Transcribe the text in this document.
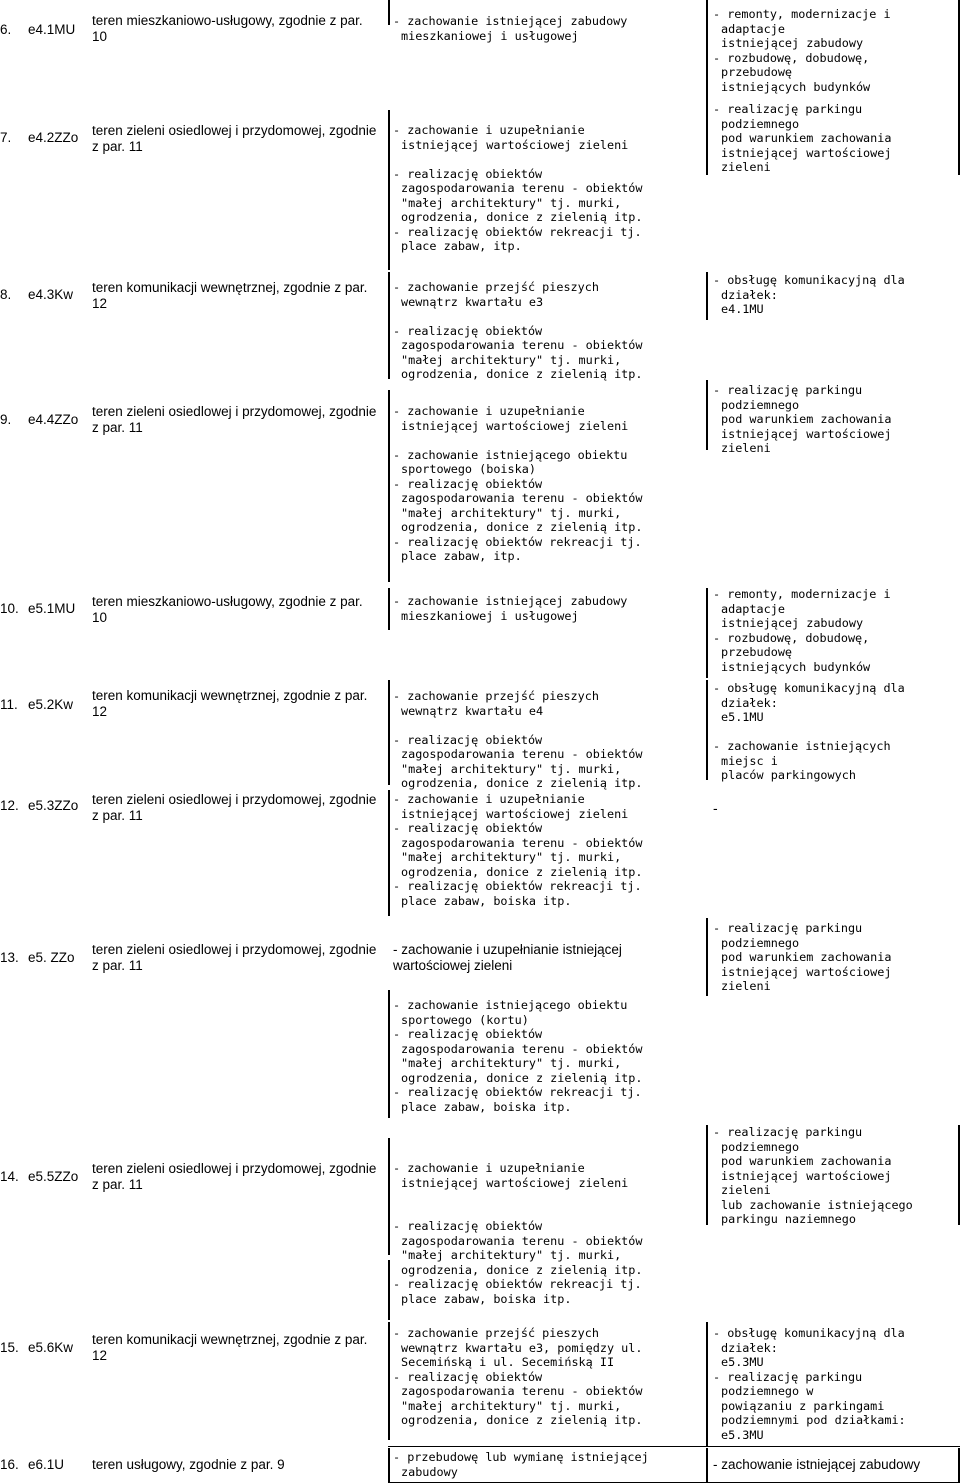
6. e4.1MU
teren mieszkaniowo-usługowy, zgodnie z par. 10
- zachowanie istniejącej zabudowy
mieszkaniowej i usługowej
- remonty, modernizacje i
adaptacje
istniejącej zabudowy
- rozbudowę, dobudowę,
przebudowę
istniejących budynków
7. e4.2ZZo teren zieleni osiedlowej i przydomowej, zgodnie z par. 11
- zachowanie i uzupełnianie
istniejącej wartościowej zieleni

- realizację obiektów
zagospodarowania terenu - obiektów
"małej architektury" tj. murki,
ogrodzenia, donice z zielenią itp.
- realizację obiektów rekreacji tj.
place zabaw, itp.
- realizację parkingu
podziemnego
pod warunkiem zachowania
istniejącej wartościowej
zieleni
8. e4.3Kw teren komunikacji wewnętrznej, zgodnie z par. 12
- zachowanie przejść pieszych
wewnątrz kwartału e3

- realizację obiektów
zagospodarowania terenu - obiektów
"małej architektury" tj. murki,
ogrodzenia, donice z zielenią itp.
- obsługę komunikacyjną dla
działek:
e4.1MU
9. e4.4ZZo
teren zieleni osiedlowej i przydomowej, zgodnie z par. 11
- zachowanie i uzupełnianie
istniejącej wartościowej zieleni

- zachowanie istniejącego obiektu
sportowego (boiska)
- realizację obiektów
zagospodarowania terenu - obiektów
"małej architektury" tj. murki,
ogrodzenia, donice z zielenią itp.
- realizację obiektów rekreacji tj.
place zabaw, itp.
- realizację parkingu
podziemnego
pod warunkiem zachowania
istniejącej wartościowej
zieleni
10. e5.1MU teren mieszkaniowo-usługowy, zgodnie z par. 10
- zachowanie istniejącej zabudowy
mieszkaniowej i usługowej
- remonty, modernizacje i
adaptacje
istniejącej zabudowy
- rozbudowę, dobudowę,
przebudowę
istniejących budynków
11. e5.2Kw
teren komunikacji wewnętrznej, zgodnie z par. 12
- zachowanie przejść pieszych
wewnątrz kwartału e4

- realizację obiektów
zagospodarowania terenu - obiektów
"małej architektury" tj. murki,
ogrodzenia, donice z zielenią itp.
- obsługę komunikacyjną dla
działek:
e5.1MU

- zachowanie istniejących
miejsc i
placów parkingowych
12. e5.3ZZo teren zieleni osiedlowej i przydomowej, zgodnie z par. 11
- zachowanie i uzupełnianie
istniejącej wartościowej zieleni
- realizację obiektów
zagospodarowania terenu - obiektów
"małej architektury" tj. murki,
ogrodzenia, donice z zielenią itp.
- realizację obiektów rekreacji tj.
place zabaw, boiska itp.
-
13. e5. ZZo
teren zieleni osiedlowej i przydomowej, zgodnie z par. 11
- zachowanie i uzupełnianie istniejącej wartościowej zieleni
- zachowanie istniejącego obiektu
sportowego (kortu)
- realizację obiektów
zagospodarowania terenu - obiektów
"małej architektury" tj. murki,
ogrodzenia, donice z zielenią itp.
- realizację obiektów rekreacji tj.
place zabaw, boiska itp.
- realizację parkingu
podziemnego
pod warunkiem zachowania
istniejącej wartościowej
zieleni
14. e5.5ZZo
teren zieleni osiedlowej i przydomowej, zgodnie z par. 11
- zachowanie i uzupełnianie
istniejącej wartościowej zieleni

- realizację obiektów
zagospodarowania terenu - obiektów
"małej architektury" tj. murki,
ogrodzenia, donice z zielenią itp.
- realizację obiektów rekreacji tj.
place zabaw, boiska itp.
- realizację parkingu
podziemnego
pod warunkiem zachowania
istniejącej wartościowej
zieleni
lub zachowanie istniejącego
parkingu naziemnego
15. e5.6Kw
teren komunikacji wewnętrznej, zgodnie z par. 12
- zachowanie przejść pieszych
wewnątrz kwartału e3, pomiędzy ul.
Secemińską i ul. Secemińską II
- realizację obiektów
zagospodarowania terenu - obiektów
"małej architektury" tj. murki,
ogrodzenia, donice z zielenią itp.
- obsługę komunikacyjną dla
działek:
e5.3MU
- realizację parkingu
podziemnego w
powiązaniu z parkingami
podziemnymi pod działkami:
e5.3MU
16. e6.1U teren usługowy, zgodnie z par. 9	- przebudowę lub wymianę istniejącej
zabudowy	- zachowanie istniejącej zabudowy
